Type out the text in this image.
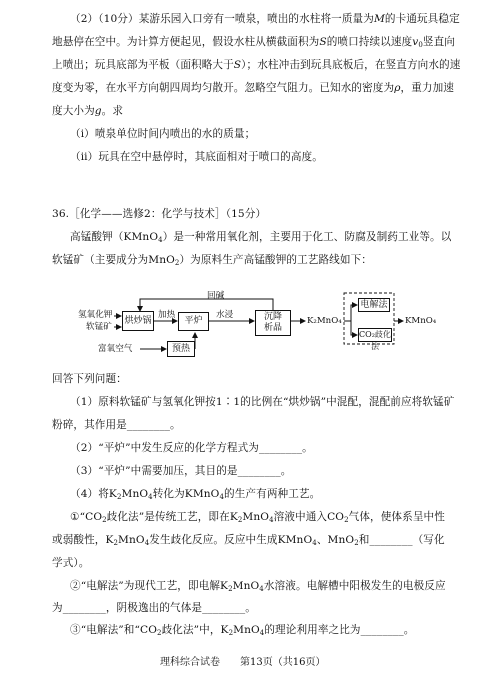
（2）（10分）某游乐园入口旁有一喷泉，喷出的水柱将一质量为M的卡通玩具稳定
地悬停在空中。为计算方便起见，假设水柱从横截面积为S的喷口持续以速度v0竖直向
上喷出；玩具底部为平板（面积略大于S）；水柱冲击到玩具底板后，在竖直方向水的速
度变为零，在水平方向朝四周均匀散开。忽略空气阻力。已知水的密度为ρ，重力加速
度大小为g。求
（i）喷泉单位时间内喷出的水的质量；
（ii）玩具在空中悬停时，其底面相对于喷口的高度。
36.［化学——选修2：化学与技术］（15分）
高锰酸钾（KMnO4）是一种常用氧化剂，主要用于化工、防腐及制药工业等。以
软锰矿（主要成分为MnO2）为原料生产高锰酸钾的工艺路线如下：
氢氧化钾
软锰矿
烘炒锅
加热
平炉
水浸	沉降
析晶
回碱
富氧空气	预热
K₂MnO₄
电解法
CO₂歧化法
KMnO₄
回答下列问题：
（1）原料软锰矿与氢氧化钾按1∶1的比例在“烘炒锅”中混配，混配前应将软锰矿
粉碎，其作用是________。
（2）“平炉”中发生反应的化学方程式为________。
（3）“平炉”中需要加压，其目的是________。
（4）将K2MnO4转化为KMnO4的生产有两种工艺。
①“CO2歧化法”是传统工艺，即在K2MnO4溶液中通入CO2气体，使体系呈中性
或弱酸性，K2MnO4发生歧化反应。反应中生成KMnO4、MnO2和________（写化
学式）。
②“电解法”为现代工艺，即电解K2MnO4水溶液。电解槽中阳极发生的电极反应
为________，阴极逸出的气体是________。
③“电解法”和“CO2歧化法”中，K2MnO4的理论利用率之比为________。
理科综合试卷 第13页（共16页）
